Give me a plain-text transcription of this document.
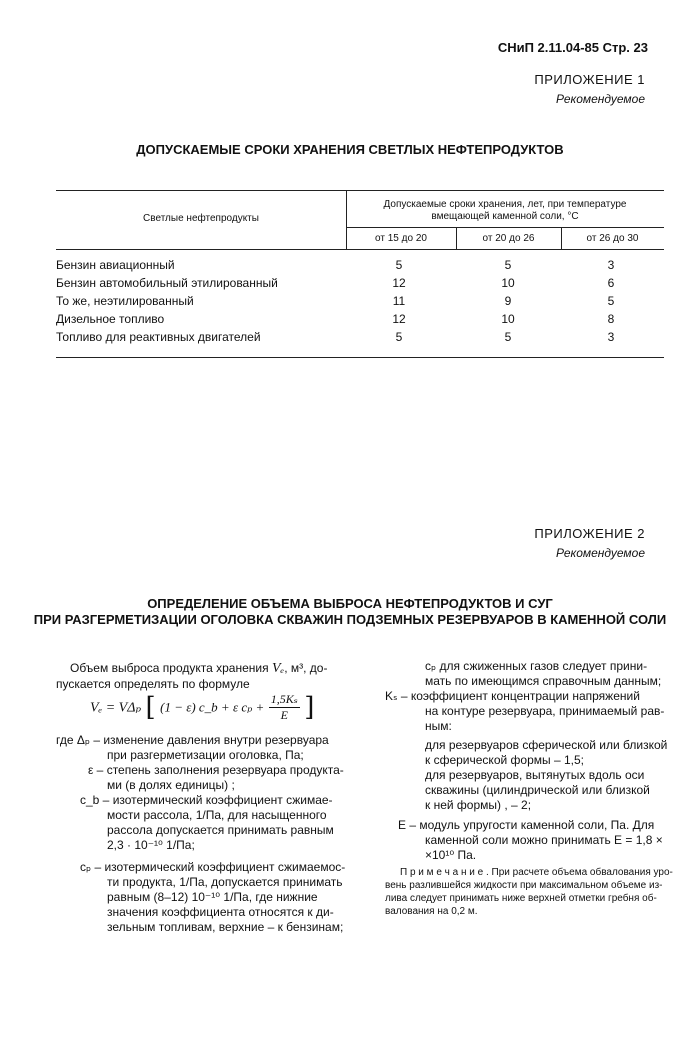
СНиП 2.11.04-85 Стр. 23
ПРИЛОЖЕНИЕ 1
Рекомендуемое
ДОПУСКАЕМЫЕ СРОКИ ХРАНЕНИЯ СВЕТЛЫХ НЕФТЕПРОДУКТОВ
Светлые нефтепродукты
Допускаемые сроки хранения, лет, при температуре
вмещающей каменной соли, °С
от 15 до 20	от 20 до 26	от 26 до 30
Бензин авиационный	5	5	3
Бензин автомобильный этилированный	12	10	6
То же, неэтилированный	11	9	5
Дизельное топливо	12	10	8
Топливо для реактивных двигателей	5	5	3
ПРИЛОЖЕНИЕ 2
Рекомендуемое
ОПРЕДЕЛЕНИЕ ОБЪЕМА ВЫБРОСА НЕФТЕПРОДУКТОВ И СУГ
ПРИ РАЗГЕРМЕТИЗАЦИИ ОГОЛОВКА СКВАЖИН ПОДЗЕМНЫХ РЕЗЕРВУАРОВ В КАМЕННОЙ СОЛИ
Объем выброса продукта хранения Vₑ, м³, до-
пускается определять по формуле
Vₑ = VΔₚ [ (1 − ε) c_b + ε $c_p + \frac{\text{1,5Kₛ}}{E}$ ]
где Δₚ – изменение давления внутри резервуара
при разгерметизации оголовка, Па;
ε – степень заполнения резервуара продукта-
ми (в долях единицы) ;
c_b – изотермический коэффициент сжимае-
мости рассола, 1/Па, для насыщенного
рассола допускается принимать равным
2,3 · 10⁻¹⁰ 1/Па;
cₚ – изотермический коэффициент сжимаемос-
ти продукта, 1/Па, допускается принимать
равным (8–12) 10⁻¹⁰ 1/Па, где нижние
значения коэффициента относятся к ди-
зельным топливам, верхние – к бензинам;
cₚ для сжиженных газов следует прини-
мать по имеющимся справочным данным;
Kₛ – коэффициент концентрации напряжений
на контуре резервуара, принимаемый рав-
ным:
для резервуаров сферической или близкой
к сферической формы – 1,5;
для резервуаров, вытянутых вдоль оси
скважины (цилиндрической или близкой
к ней формы) , – 2;
E – модуль упругости каменной соли, Па. Для
каменной соли можно принимать E = 1,8 ×
×10¹⁰ Па.
П р и м е ч а н и е . При расчете объема обвалования уро-
вень разлившейся жидкости при максимальном объеме из-
лива следует принимать ниже верхней отметки гребня об-
валования на 0,2 м.
